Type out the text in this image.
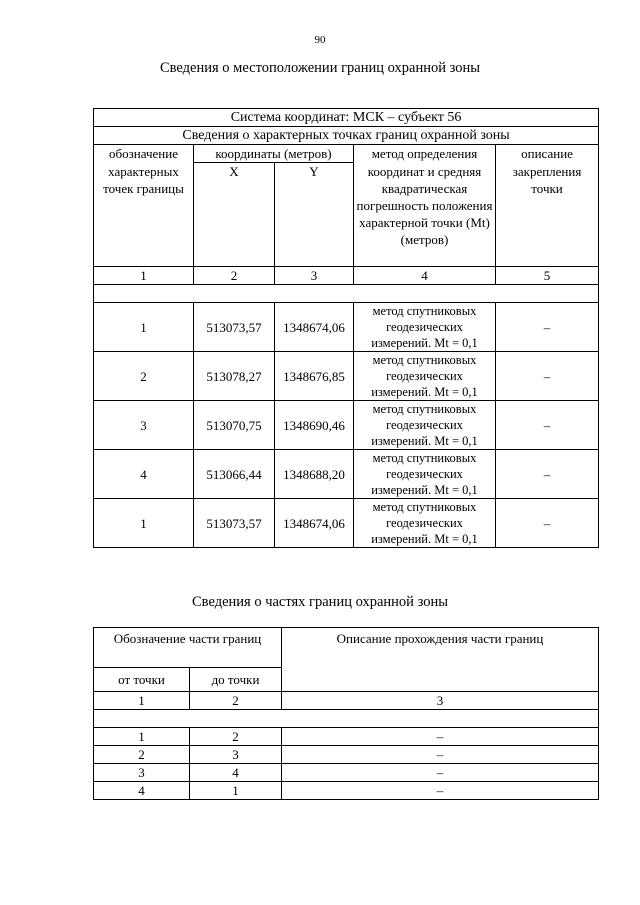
90
Сведения о местоположении границ охранной зоны
Система координат: МСК – субъект 56				
Сведения о характерных точках границ охранной зоны				
обозначение	координаты (метров)		метод определения	описание
характерных точек границы	X	Y	координат и средняя квадратическая погрешность положения характерной точки (Mt) (метров)	закрепления точки
1	2	3	4	5

1	513073,57	1348674,06	метод спутниковых геодезических измерений. Mt = 0,1	–
2	513078,27	1348676,85	метод спутниковых геодезических измерений. Mt = 0,1	–
3	513070,75	1348690,46	метод спутниковых геодезических измерений. Mt = 0,1	–
4	513066,44	1348688,20	метод спутниковых геодезических измерений. Mt = 0,1	–
1	513073,57	1348674,06	метод спутниковых геодезических измерений. Mt = 0,1	–
Сведения о частях границ охранной зоны
Обозначение части границ		Описание прохождения части границ
от точки	до точки	
1	2	3

1	2	–
2	3	–
3	4	–
4	1	–
